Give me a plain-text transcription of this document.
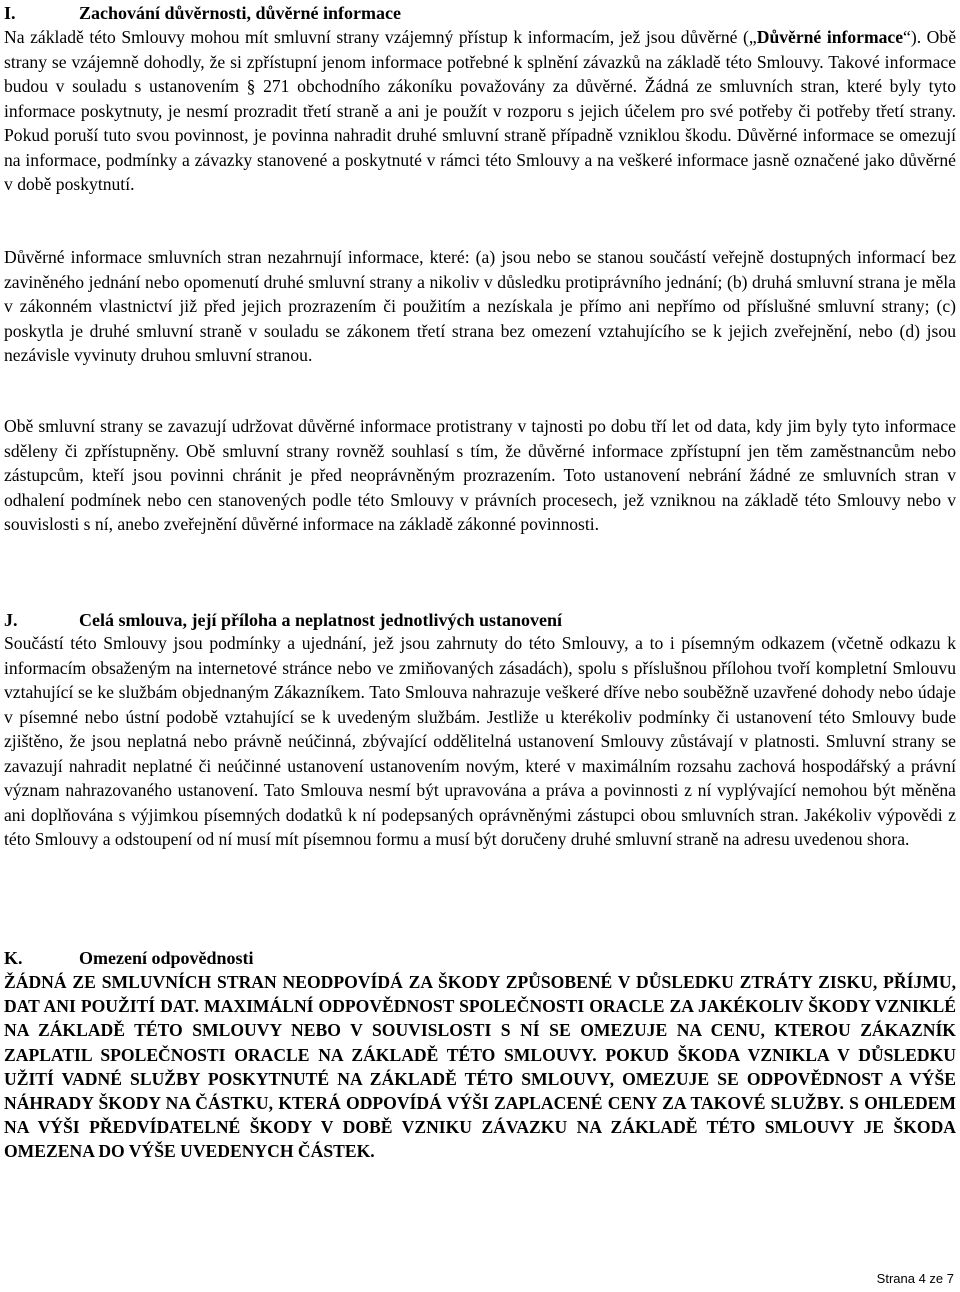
I.	Zachování důvěrnosti, důvěrné informace

Na základě této Smlouvy mohou mít smluvní strany vzájemný přístup k informacím, jež jsou důvěrné („Důvěrné informace“). Obě strany se vzájemně dohodly, že si zpřístupní jenom informace potřebné k splnění závazků na základě této Smlouvy. Takové informace budou v souladu s ustanovením § 271 obchodního zákoníku považovány za důvěrné. Žádná ze smluvních stran, které byly tyto informace poskytnuty, je nesmí prozradit třetí straně a ani je použít v rozporu s jejich účelem pro své potřeby či potřeby třetí strany. Pokud poruší tuto svou povinnost, je povinna nahradit druhé smluvní straně případně vzniklou škodu. Důvěrné informace se omezují na informace, podmínky a závazky stanovené a poskytnuté v rámci této Smlouvy a na veškeré informace jasně označené jako důvěrné v době poskytnutí.

Důvěrné informace smluvních stran nezahrnují informace, které: (a) jsou nebo se stanou součástí veřejně dostupných informací bez zaviněného jednání nebo opomenutí druhé smluvní strany a nikoliv v důsledku protiprávního jednání; (b) druhá smluvní strana je měla v zákonném vlastnictví již před jejich prozrazením či použitím a nezískala je přímo ani nepřímo od příslušné smluvní strany; (c) poskytla je druhé smluvní straně v souladu se zákonem třetí strana bez omezení vztahujícího se k jejich zveřejnění, nebo (d) jsou nezávisle vyvinuty druhou smluvní stranou.

Obě smluvní strany se zavazují udržovat důvěrné informace protistrany v tajnosti po dobu tří let od data, kdy jim byly tyto informace sděleny či zpřístupněny. Obě smluvní strany rovněž souhlasí s tím, že důvěrné informace zpřístupní jen těm zaměstnancům nebo zástupcům, kteří jsou povinni chránit je před neoprávněným prozrazením. Toto ustanovení nebrání žádné ze smluvních stran v odhalení podmínek nebo cen stanovených podle této Smlouvy v právních procesech, jež vzniknou na základě této Smlouvy nebo v souvislosti s ní, anebo zveřejnění důvěrné informace na základě zákonné povinnosti.

J.	Celá smlouva, její příloha a neplatnost jednotlivých ustanovení

Součástí této Smlouvy jsou podmínky a ujednání, jež jsou zahrnuty do této Smlouvy, a to i písemným odkazem (včetně odkazu k informacím obsaženým na internetové stránce nebo ve zmiňovaných zásadách), spolu s příslušnou přílohou tvoří kompletní Smlouvu vztahující se ke službám objednaným Zákazníkem. Tato Smlouva nahrazuje veškeré dříve nebo souběžně uzavřené dohody nebo údaje v písemné nebo ústní podobě vztahující se k uvedeným službám. Jestliže u kterékoliv podmínky či ustanovení této Smlouvy bude zjištěno, že jsou neplatná nebo právně neúčinná, zbývající oddělitelná ustanovení Smlouvy zůstávají v platnosti. Smluvní strany se zavazují nahradit neplatné či neúčinné ustanovení ustanovením novým, které v maximálním rozsahu zachová hospodářský a právní význam nahrazovaného ustanovení. Tato Smlouva nesmí být upravována a práva a povinnosti z ní vyplývající nemohou být měněna ani doplňována s výjimkou písemných dodatků k ní podepsaných oprávněnými zástupci obou smluvních stran. Jakékoliv výpovědi z této Smlouvy a odstoupení od ní musí mít písemnou formu a musí být doručeny druhé smluvní straně na adresu uvedenou shora.

K.	Omezení odpovědnosti

ŽÁDNÁ ZE SMLUVNÍCH STRAN NEODPOVÍDÁ ZA ŠKODY ZPŮSOBENÉ V DŮSLEDKU ZTRÁTY ZISKU, PŘÍJMU, DAT ANI POUŽITÍ DAT. MAXIMÁLNÍ ODPOVĚDNOST SPOLEČNOSTI ORACLE ZA JAKÉKOLIV ŠKODY VZNIKLÉ NA ZÁKLADĚ TÉTO SMLOUVY NEBO V SOUVISLOSTI S NÍ SE OMEZUJE NA CENU, KTEROU ZÁKAZNÍK ZAPLATIL SPOLEČNOSTI ORACLE NA ZÁKLADĚ TÉTO SMLOUVY. POKUD ŠKODA VZNIKLA V DŮSLEDKU UŽITÍ VADNÉ SLUŽBY POSKYTNUTÉ NA ZÁKLADĚ TÉTO SMLOUVY, OMEZUJE SE ODPOVĚDNOST A VÝŠE NÁHRADY ŠKODY NA ČÁSTKU, KTERÁ ODPOVÍDÁ VÝŠI ZAPLACENÉ CENY ZA TAKOVÉ SLUŽBY. S OHLEDEM NA VÝŠI PŘEDVÍDATELNÉ ŠKODY V DOBĚ VZNIKU ZÁVAZKU NA ZÁKLADĚ TÉTO SMLOUVY JE ŠKODA OMEZENA DO VÝŠE UVEDENYCH ČÁSTEK.

Strana 4 ze 7
